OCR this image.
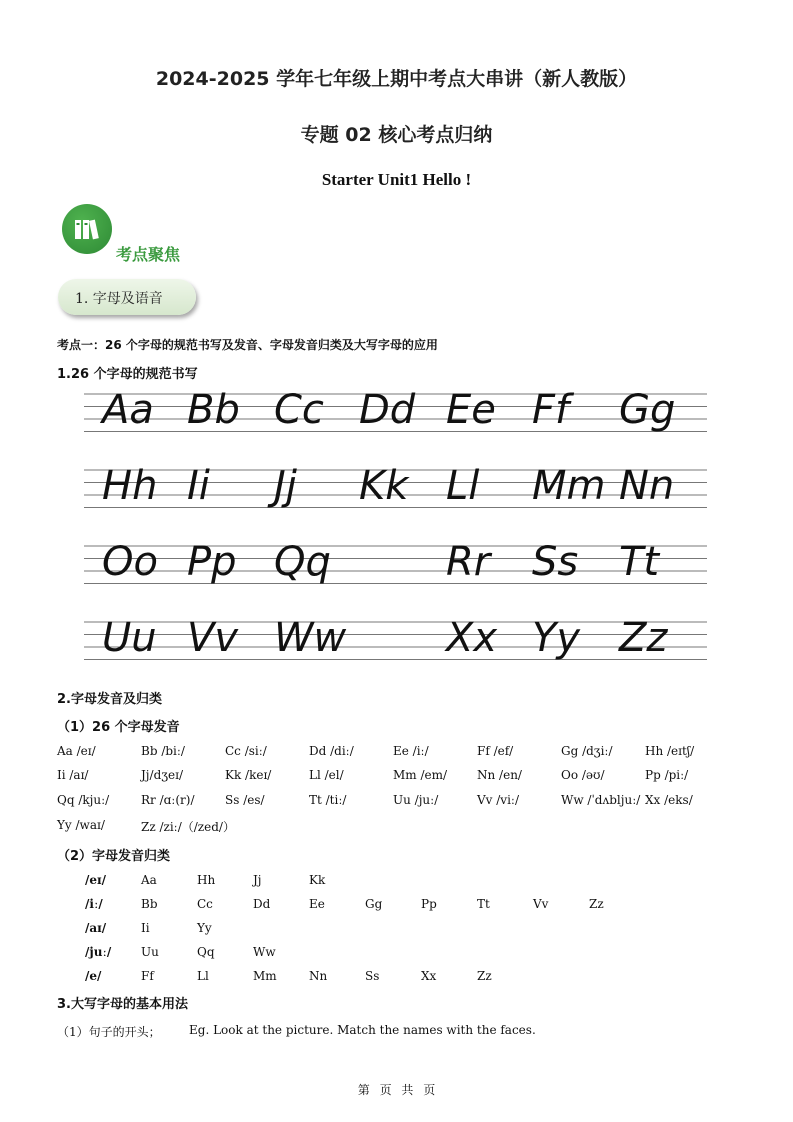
2024-2025 学年七年级上期中考点大串讲（新人教版）
专题 02 核心考点归纳
Starter Unit1 Hello !
考点聚焦
1. 字母及语音
考点一：26 个字母的规范书写及发音、字母发音归类及大写字母的应用
1.26 个字母的规范书写
Aa Bb Cc Dd Ee Ff Gg
Hh Ii Jj Kk Ll Mm Nn
Oo Pp Qq	Rr Ss Tt
Uu Vv Ww Xx Yy Zz
2.字母发音及归类
（1）26 个字母发音
Aa /eɪ/	Bb /biː/	Cc /siː/	Dd /diː/	Ee /iː/	Ff /ef/	Gg /dʒiː/	Hh /eɪtʃ/
Ii /aɪ/	Jj/dʒeɪ/	Kk /keɪ/	Ll /el/	Mm /em/ Nn /en/	Oo /əʊ/	Pp /piː/
Qq /kjuː/	Rr /ɑː(r)/	Ss /es/	Tt /tiː/	Uu /juː/	Vv /viː/	Ww /ˈdʌbljuː/ Xx /eks/
Yy /waɪ/	Zz /ziː/（/zed/）
（2）字母发音归类
/eɪ/	Aa	Hh	Jj	Kk
/iː/	Bb	Cc	Dd	Ee	Gg	Pp	Tt	Vv	Zz
/aɪ/	Ii	Yy
/juː/ Uu	Qq	Ww
/e/	Ff	Ll	Mm	Nn	Ss	Xx	Zz
3.大写字母的基本用法
（1）句子的开头； Eg. Look at the picture. Match the names with the faces.
第 页 共 页
